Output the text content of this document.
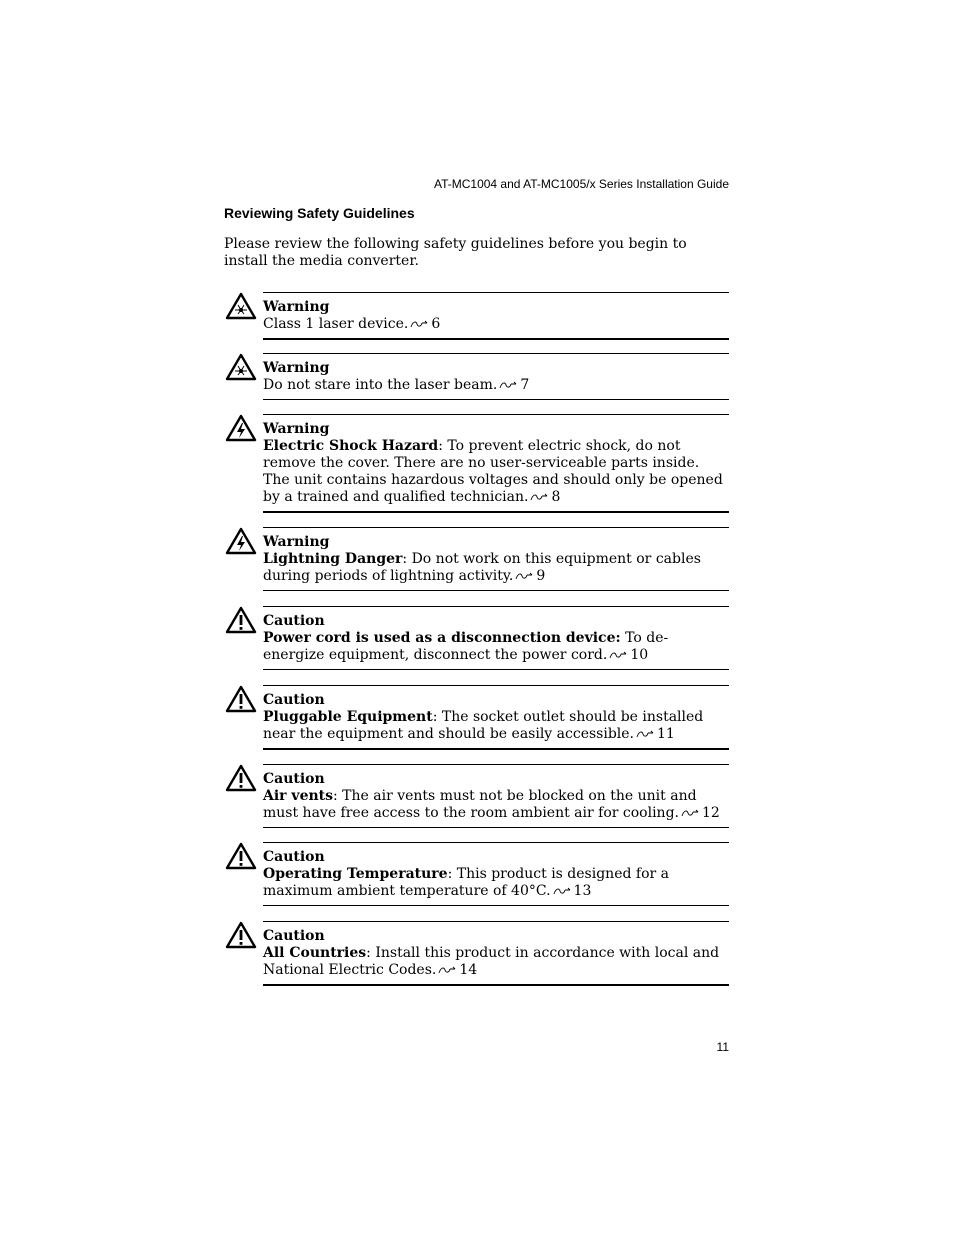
AT-MC1004 and AT-MC1005/x Series Installation Guide
Reviewing Safety Guidelines
Please review the following safety guidelines before you begin to install the media converter.
Warning
Class 1 laser device. 6
Warning
Do not stare into the laser beam. 7
Warning
Electric Shock Hazard: To prevent electric shock, do not remove the cover. There are no user-serviceable parts inside. The unit contains hazardous voltages and should only be opened by a trained and qualified technician. 8
Warning
Lightning Danger: Do not work on this equipment or cables during periods of lightning activity. 9
Caution
Power cord is used as a disconnection device: To de-energize equipment, disconnect the power cord. 10
Caution
Pluggable Equipment: The socket outlet should be installed near the equipment and should be easily accessible. 11
Caution
Air vents: The air vents must not be blocked on the unit and must have free access to the room ambient air for cooling. 12
Caution
Operating Temperature: This product is designed for a maximum ambient temperature of 40°C. 13
Caution
All Countries: Install this product in accordance with local and National Electric Codes. 14
11
